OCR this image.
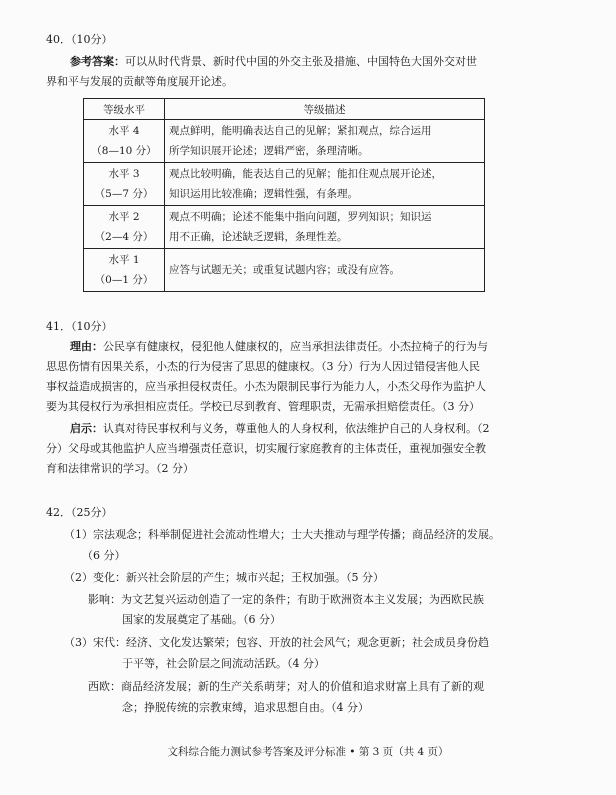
40．（10分）
参考答案：可以从时代背景、新时代中国的外交主张及措施、中国特色大国外交对世
界和平与发展的贡献等角度展开论述。
等级水平	等级描述
水平 4
（8—10 分）	观点鲜明，能明确表达自己的见解；紧扣观点，综合运用
所学知识展开论述；逻辑严密，条理清晰。
水平 3
（5—7 分）	观点比较明确，能表达自己的见解；能扣住观点展开论述，
知识运用比较准确；逻辑性强，有条理。
水平 2
（2—4 分）	观点不明确；论述不能集中指向问题，罗列知识；知识运
用不正确，论述缺乏逻辑，条理性差。
水平 1
（0—1 分）	应答与试题无关；或重复试题内容；或没有应答。
41．（10分）
理由：公民享有健康权，侵犯他人健康权的，应当承担法律责任。小杰拉椅子的行为与
思思伤情有因果关系，小杰的行为侵害了思思的健康权。（3 分）行为人因过错侵害他人民
事权益造成损害的，应当承担侵权责任。小杰为限制民事行为能力人，小杰父母作为监护人
要为其侵权行为承担相应责任。学校已尽到教育、管理职责，无需承担赔偿责任。（3 分）
启示：认真对待民事权利与义务，尊重他人的人身权利，依法维护自己的人身权利。（2
分）父母或其他监护人应当增强责任意识，切实履行家庭教育的主体责任，重视加强安全教
育和法律常识的学习。（2 分）
42．（25分）
（1）宗法观念；科举制促进社会流动性增大；士大夫推动与理学传播；商品经济的发展。
（6 分）
（2）变化：新兴社会阶层的产生；城市兴起；王权加强。（5 分）
影响：为文艺复兴运动创造了一定的条件；有助于欧洲资本主义发展；为西欧民族
国家的发展奠定了基础。（6 分）
（3）宋代：经济、文化发达繁荣；包容、开放的社会风气；观念更新；社会成员身份趋
于平等，社会阶层之间流动活跃。（4 分）
西欧：商品经济发展；新的生产关系萌芽；对人的价值和追求财富上具有了新的观
念；挣脱传统的宗教束缚，追求思想自由。（4 分）
文科综合能力测试参考答案及评分标准 • 第 3 页（共 4 页）
